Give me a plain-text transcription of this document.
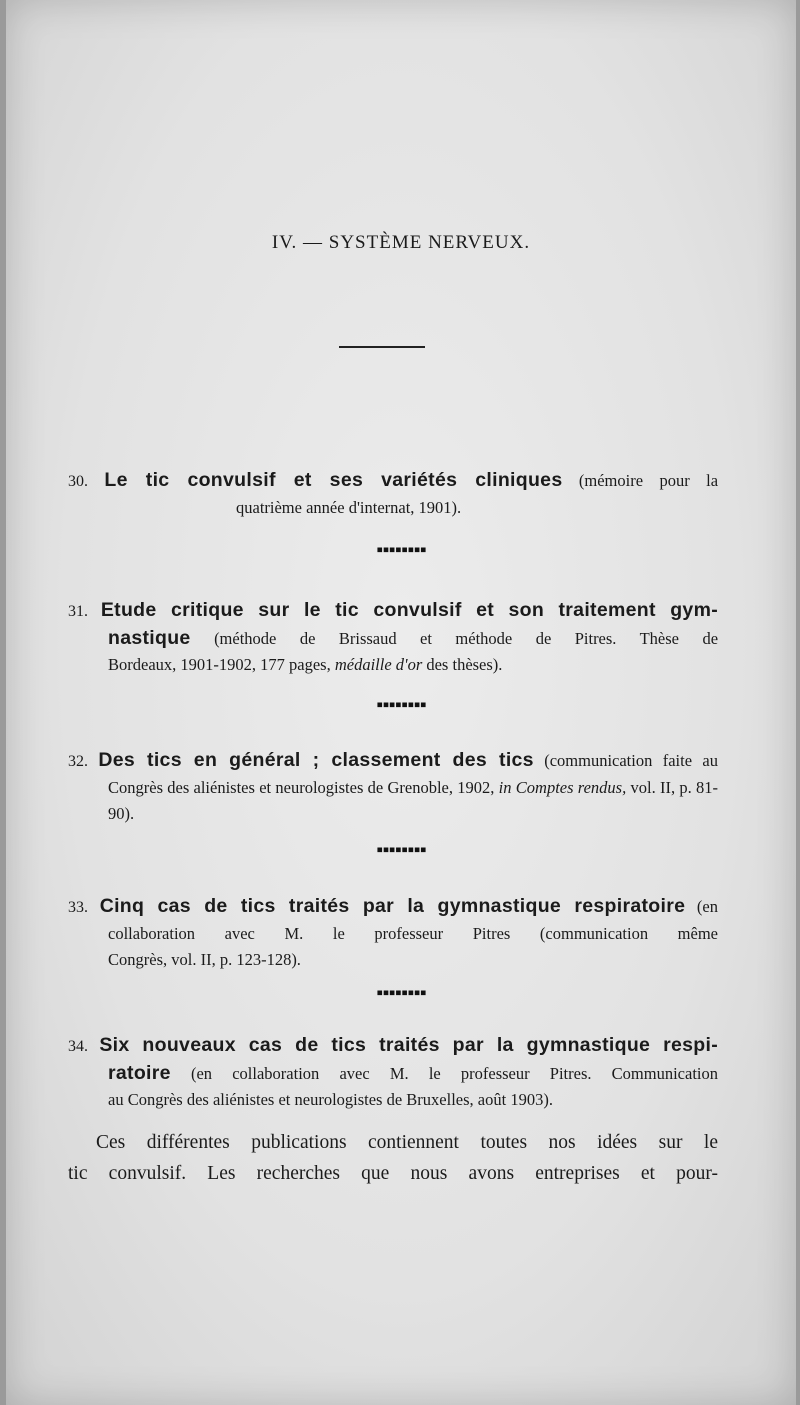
IV. — SYSTÈME NERVEUX.
30. Le tic convulsif et ses variétés cliniques (mémoire pour la
quatrième année d'internat, 1901).
▪▪▪▪▪▪▪▪
31. Etude critique sur le tic convulsif et son traitement gym-
nastique (méthode de Brissaud et méthode de Pitres. Thèse de
Bordeaux, 1901-1902, 177 pages, médaille d'or des thèses).
▪▪▪▪▪▪▪▪
32. Des tics en général ; classement des tics (communication faite au
Congrès des aliénistes et neurologistes de Grenoble, 1902, in Comptes rendus, vol. II, p. 81-90).
▪▪▪▪▪▪▪▪
33. Cinq cas de tics traités par la gymnastique respiratoire (en
collaboration avec M. le professeur Pitres (communication même
Congrès, vol. II, p. 123-128).
▪▪▪▪▪▪▪▪
34. Six nouveaux cas de tics traités par la gymnastique respi-
ratoire (en collaboration avec M. le professeur Pitres. Communication
au Congrès des aliénistes et neurologistes de Bruxelles, août 1903).
Ces différentes publications contiennent toutes nos idées sur le
tic convulsif. Les recherches que nous avons entreprises et pour-
